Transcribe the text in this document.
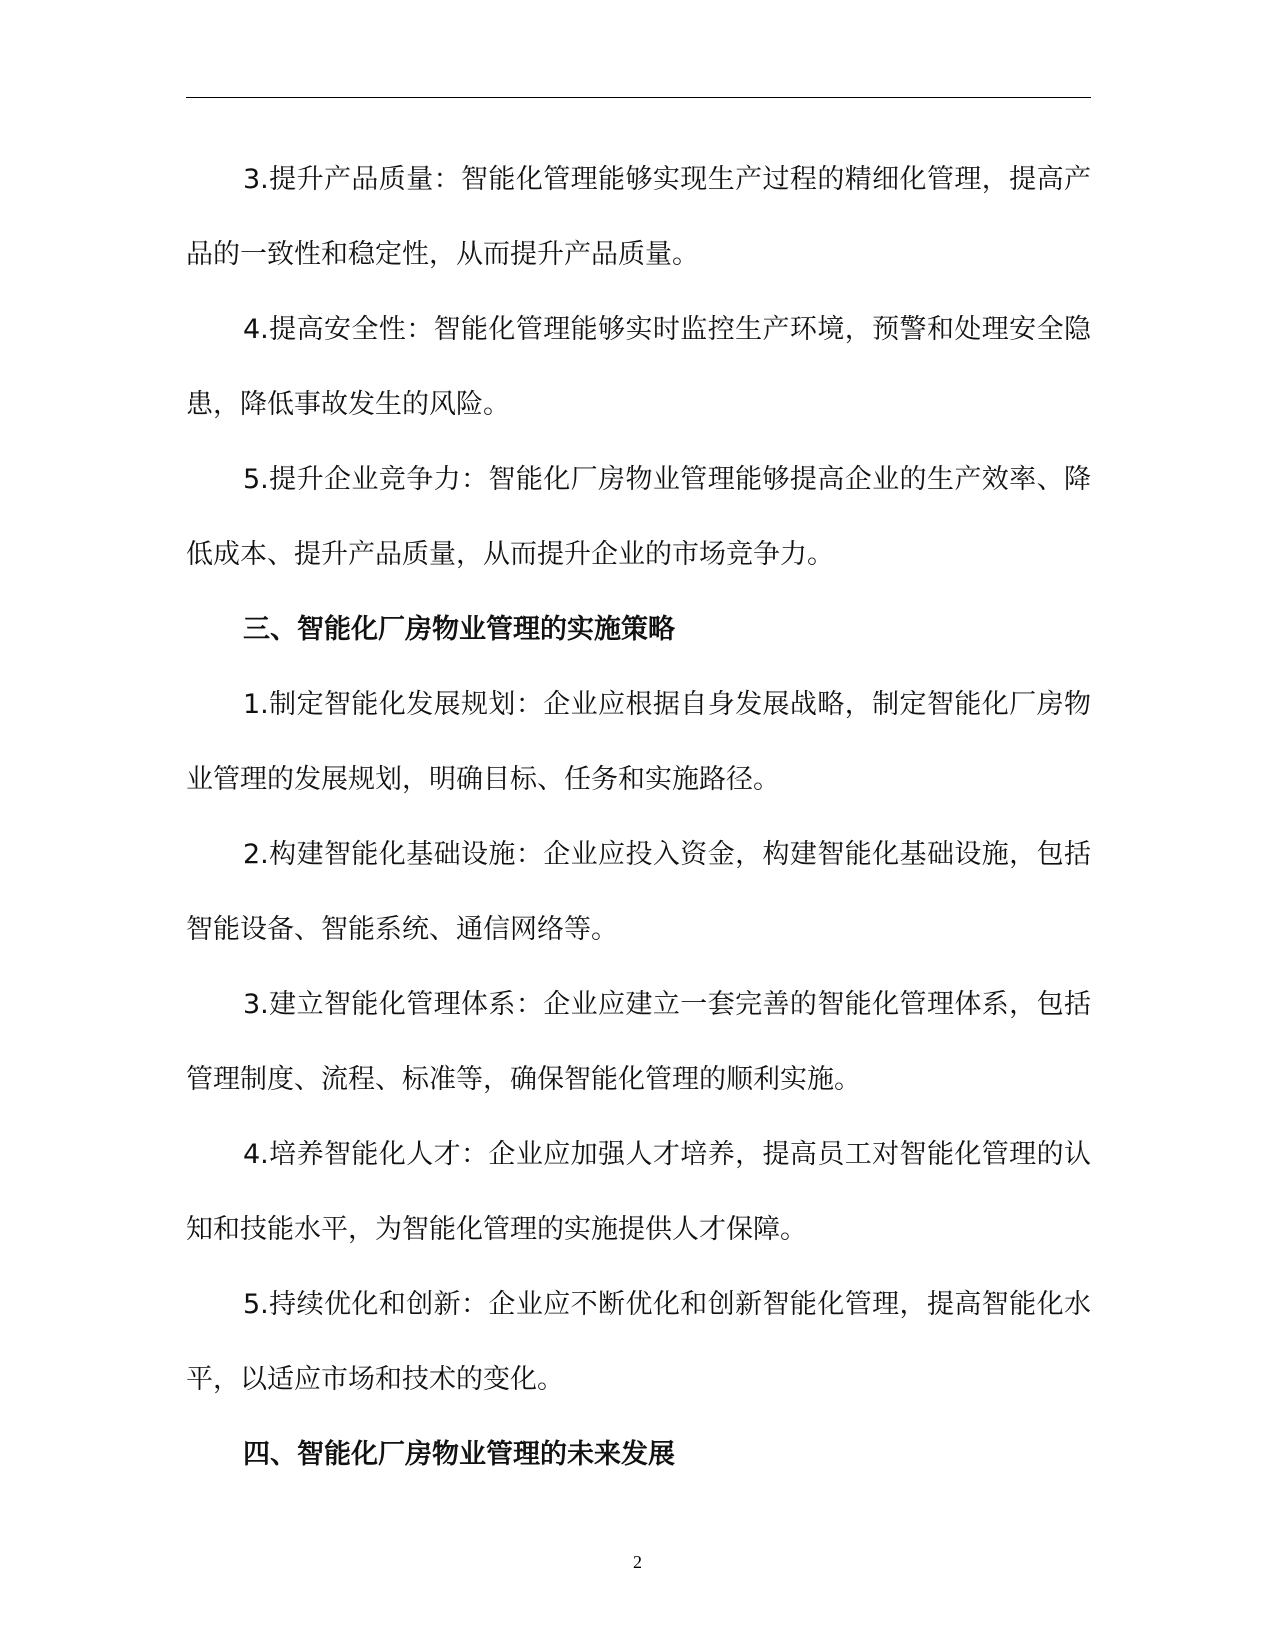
3.提升产品质量：智能化管理能够实现生产过程的精细化管理，提高产品的一致性和稳定性，从而提升产品质量。

4.提高安全性：智能化管理能够实时监控生产环境，预警和处理安全隐患，降低事故发生的风险。

5.提升企业竞争力：智能化厂房物业管理能够提高企业的生产效率、降低成本、提升产品质量，从而提升企业的市场竞争力。

三、智能化厂房物业管理的实施策略

1.制定智能化发展规划：企业应根据自身发展战略，制定智能化厂房物业管理的发展规划，明确目标、任务和实施路径。

2.构建智能化基础设施：企业应投入资金，构建智能化基础设施，包括智能设备、智能系统、通信网络等。

3.建立智能化管理体系：企业应建立一套完善的智能化管理体系，包括管理制度、流程、标准等，确保智能化管理的顺利实施。

4.培养智能化人才：企业应加强人才培养，提高员工对智能化管理的认知和技能水平，为智能化管理的实施提供人才保障。

5.持续优化和创新：企业应不断优化和创新智能化管理，提高智能化水平，以适应市场和技术的变化。

四、智能化厂房物业管理的未来发展
2
